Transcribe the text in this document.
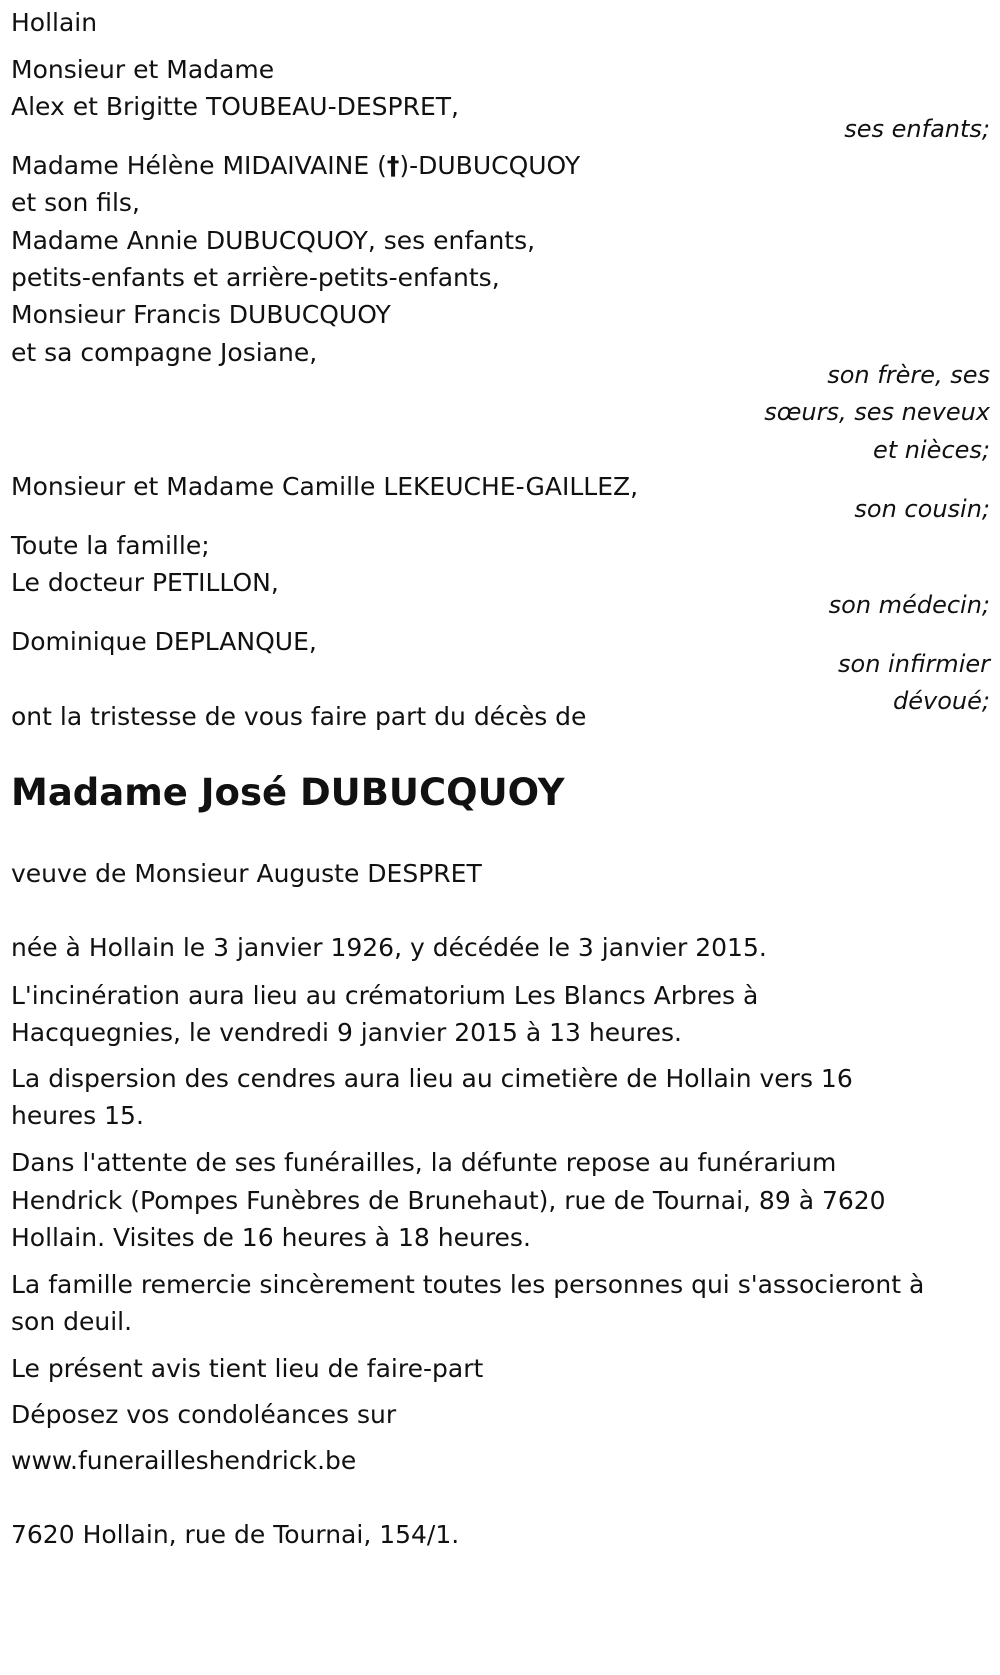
Hollain
Monsieur et Madame
Alex et Brigitte TOUBEAU-DESPRET,
ses enfants;
Madame Hélène MIDAIVAINE (†)-DUBUCQUOY
et son fils,
Madame Annie DUBUCQUOY, ses enfants,
petits-enfants et arrière-petits-enfants,
Monsieur Francis DUBUCQUOY
et sa compagne Josiane,
son frère, ses
sœurs, ses neveux
et nièces;
Monsieur et Madame Camille LEKEUCHE-GAILLEZ,
son cousin;
Toute la famille;
Le docteur PETILLON,
son médecin;
Dominique DEPLANQUE,
son infirmier
dévoué;
ont la tristesse de vous faire part du décès de
Madame José DUBUCQUOY
veuve de Monsieur Auguste DESPRET
née à Hollain le 3 janvier 1926, y décédée le 3 janvier 2015.
L'incinération aura lieu au crématorium Les Blancs Arbres à
Hacquegnies, le vendredi 9 janvier 2015 à 13 heures.
La dispersion des cendres aura lieu au cimetière de Hollain vers 16
heures 15.
Dans l'attente de ses funérailles, la défunte repose au funérarium
Hendrick (Pompes Funèbres de Brunehaut), rue de Tournai, 89 à 7620
Hollain. Visites de 16 heures à 18 heures.
La famille remercie sincèrement toutes les personnes qui s'associeront à
son deuil.
Le présent avis tient lieu de faire-part
Déposez vos condoléances sur
www.funerailleshendrick.be
7620 Hollain, rue de Tournai, 154/1.
